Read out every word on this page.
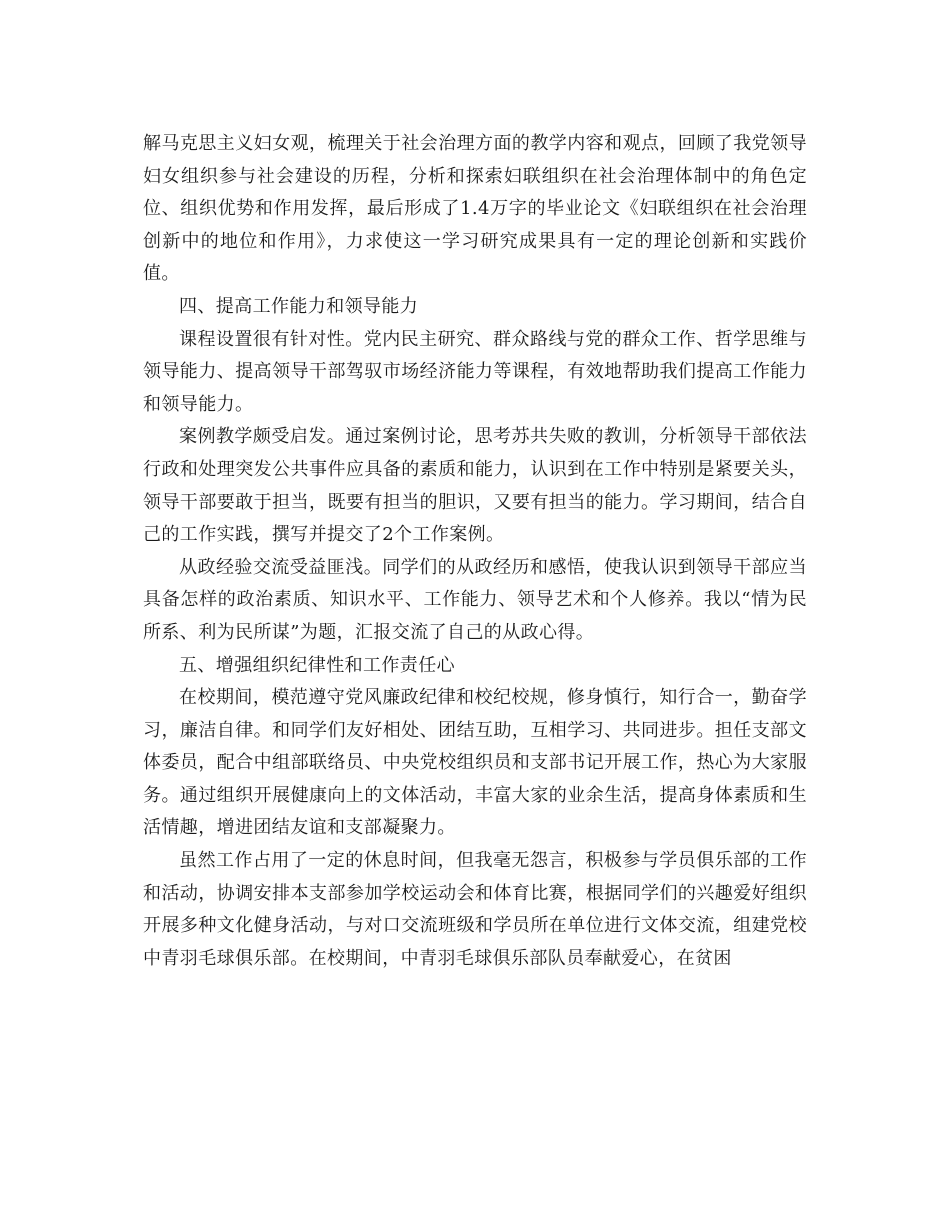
解马克思主义妇女观，梳理关于社会治理方面的教学内容和观点，回顾了我党领导妇女组织参与社会建设的历程，分析和探索妇联组织在社会治理体制中的角色定位、组织优势和作用发挥，最后形成了1.4万字的毕业论文《妇联组织在社会治理创新中的地位和作用》，力求使这一学习研究成果具有一定的理论创新和实践价值。

四、提高工作能力和领导能力

课程设置很有针对性。党内民主研究、群众路线与党的群众工作、哲学思维与领导能力、提高领导干部驾驭市场经济能力等课程，有效地帮助我们提高工作能力和领导能力。

案例教学颇受启发。通过案例讨论，思考苏共失败的教训，分析领导干部依法行政和处理突发公共事件应具备的素质和能力，认识到在工作中特别是紧要关头，领导干部要敢于担当，既要有担当的胆识，又要有担当的能力。学习期间，结合自己的工作实践，撰写并提交了2个工作案例。

从政经验交流受益匪浅。同学们的从政经历和感悟，使我认识到领导干部应当具备怎样的政治素质、知识水平、工作能力、领导艺术和个人修养。我以“情为民所系、利为民所谋”为题，汇报交流了自己的从政心得。

五、增强组织纪律性和工作责任心

在校期间，模范遵守党风廉政纪律和校纪校规，修身慎行，知行合一，勤奋学习，廉洁自律。和同学们友好相处、团结互助，互相学习、共同进步。担任支部文体委员，配合中组部联络员、中央党校组织员和支部书记开展工作，热心为大家服务。通过组织开展健康向上的文体活动，丰富大家的业余生活，提高身体素质和生活情趣，增进团结友谊和支部凝聚力。

虽然工作占用了一定的休息时间，但我毫无怨言，积极参与学员俱乐部的工作和活动，协调安排本支部参加学校运动会和体育比赛，根据同学们的兴趣爱好组织开展多种文化健身活动，与对口交流班级和学员所在单位进行文体交流，组建党校中青羽毛球俱乐部。在校期间，中青羽毛球俱乐部队员奉献爱心，在贫困
